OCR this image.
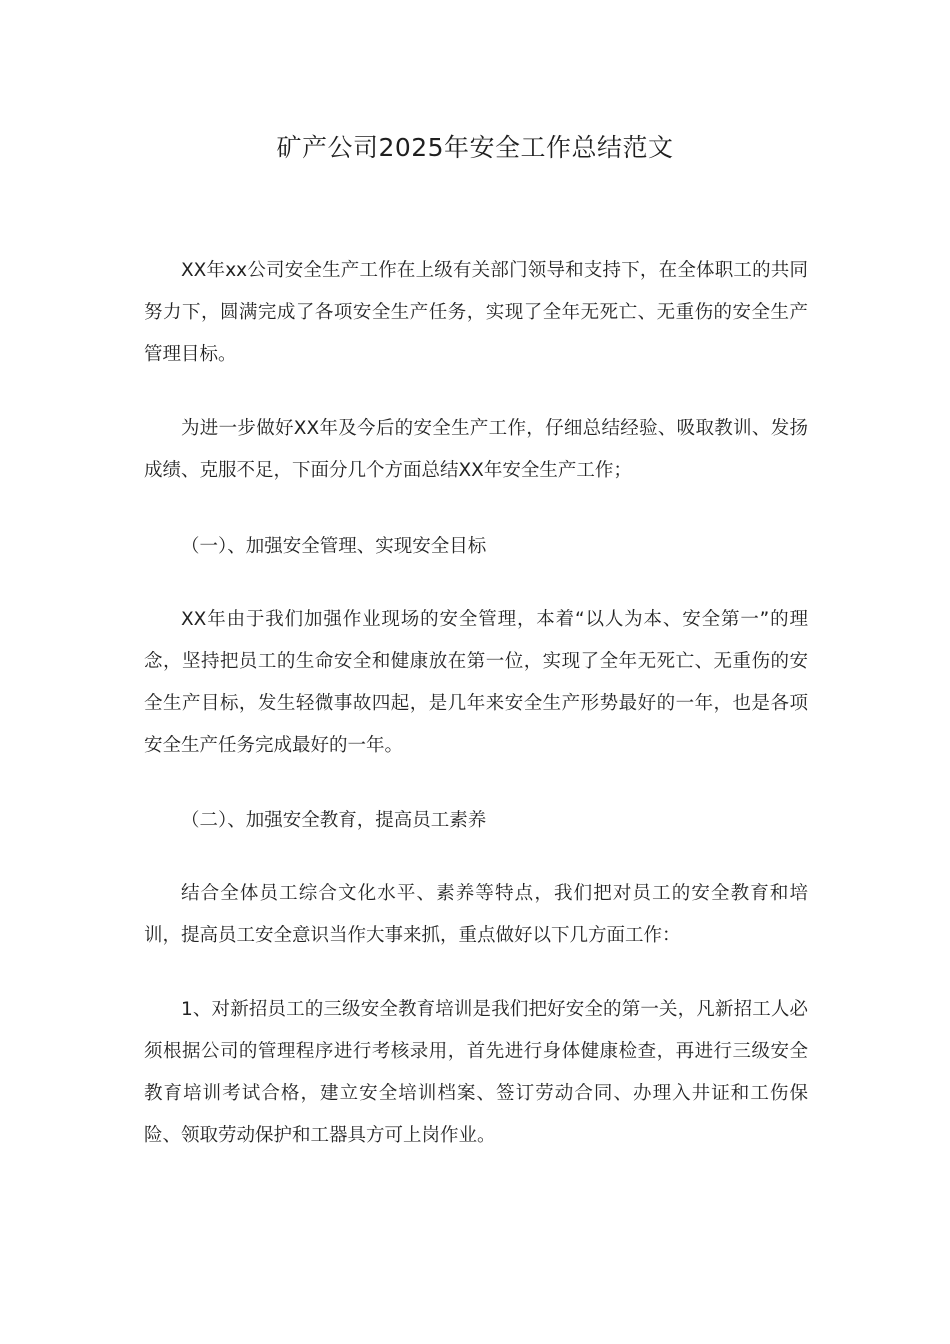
矿产公司2025年安全工作总结范文

XX年xx公司安全生产工作在上级有关部门领导和支持下，在全体职工的共同努力下，圆满完成了各项安全生产任务，实现了全年无死亡、无重伤的安全生产管理目标。

为进一步做好XX年及今后的安全生产工作，仔细总结经验、吸取教训、发扬成绩、克服不足，下面分几个方面总结XX年安全生产工作；

（一）、加强安全管理、实现安全目标

XX年由于我们加强作业现场的安全管理，本着“以人为本、安全第一”的理念，坚持把员工的生命安全和健康放在第一位，实现了全年无死亡、无重伤的安全生产目标，发生轻微事故四起，是几年来安全生产形势最好的一年，也是各项安全生产任务完成最好的一年。

（二）、加强安全教育，提高员工素养

结合全体员工综合文化水平、素养等特点，我们把对员工的安全教育和培训，提高员工安全意识当作大事来抓，重点做好以下几方面工作：

1、对新招员工的三级安全教育培训是我们把好安全的第一关，凡新招工人必须根据公司的管理程序进行考核录用，首先进行身体健康检查，再进行三级安全教育培训考试合格，建立安全培训档案、签订劳动合同、办理入井证和工伤保险、领取劳动保护和工器具方可上岗作业。
